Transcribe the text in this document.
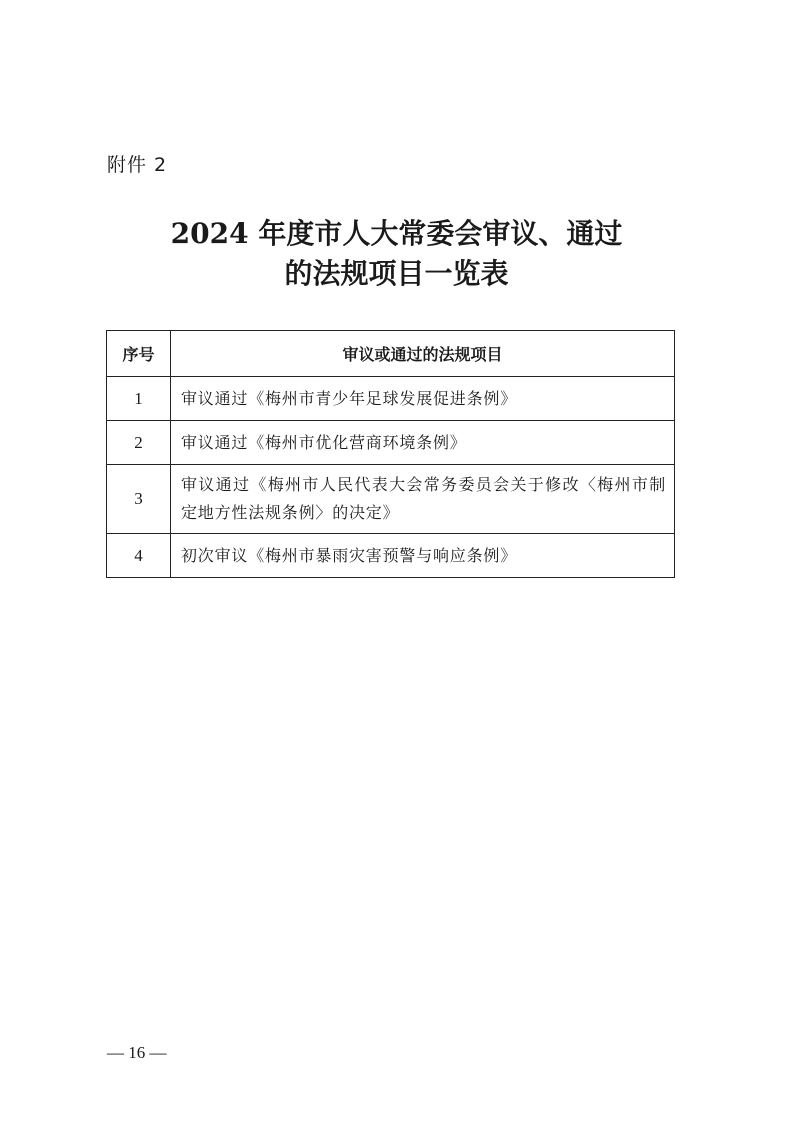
附件 2
2024 年度市人大常委会审议、通过
的法规项目一览表
序号	审议或通过的法规项目
1	审议通过《梅州市青少年足球发展促进条例》
2	审议通过《梅州市优化营商环境条例》
3	审议通过《梅州市人民代表大会常务委员会关于修改〈梅州市制定地方性法规条例〉的决定》
4	初次审议《梅州市暴雨灾害预警与响应条例》
— 16 —
